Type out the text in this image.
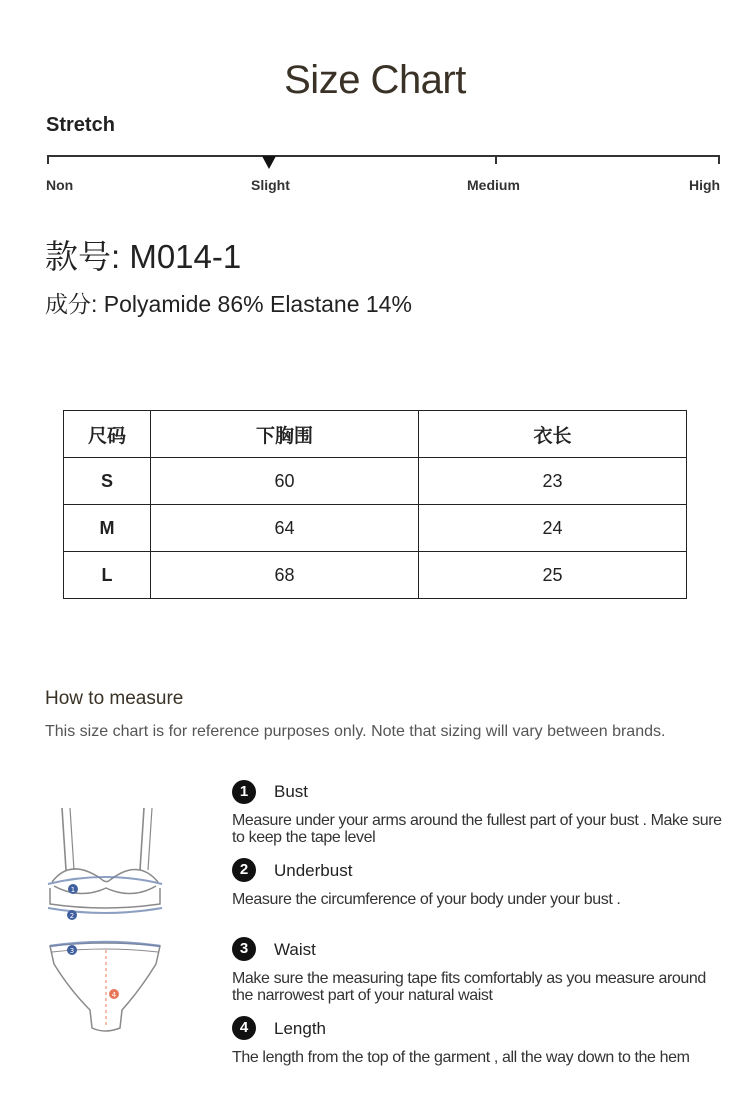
Size Chart
Stretch
Non	Slight	Medium	High
款号: M014-1
成分: Polyamide 86% Elastane 14%
尺码	下胸围	衣长
S	60	23
M	64	24
L	68	25
How to measure
This size chart is for reference purposes only. Note that sizing will vary between brands.
1
2
3
4
1	Bust
Measure under your arms around the fullest part of your bust . Make sure to keep the tape level
2	Underbust
Measure the circumference of your body under your bust .
3	Waist
Make sure the measuring tape fits comfortably as you measure around the narrowest part of your natural waist
4	Length
The length from the top of the garment , all the way down to the hem
